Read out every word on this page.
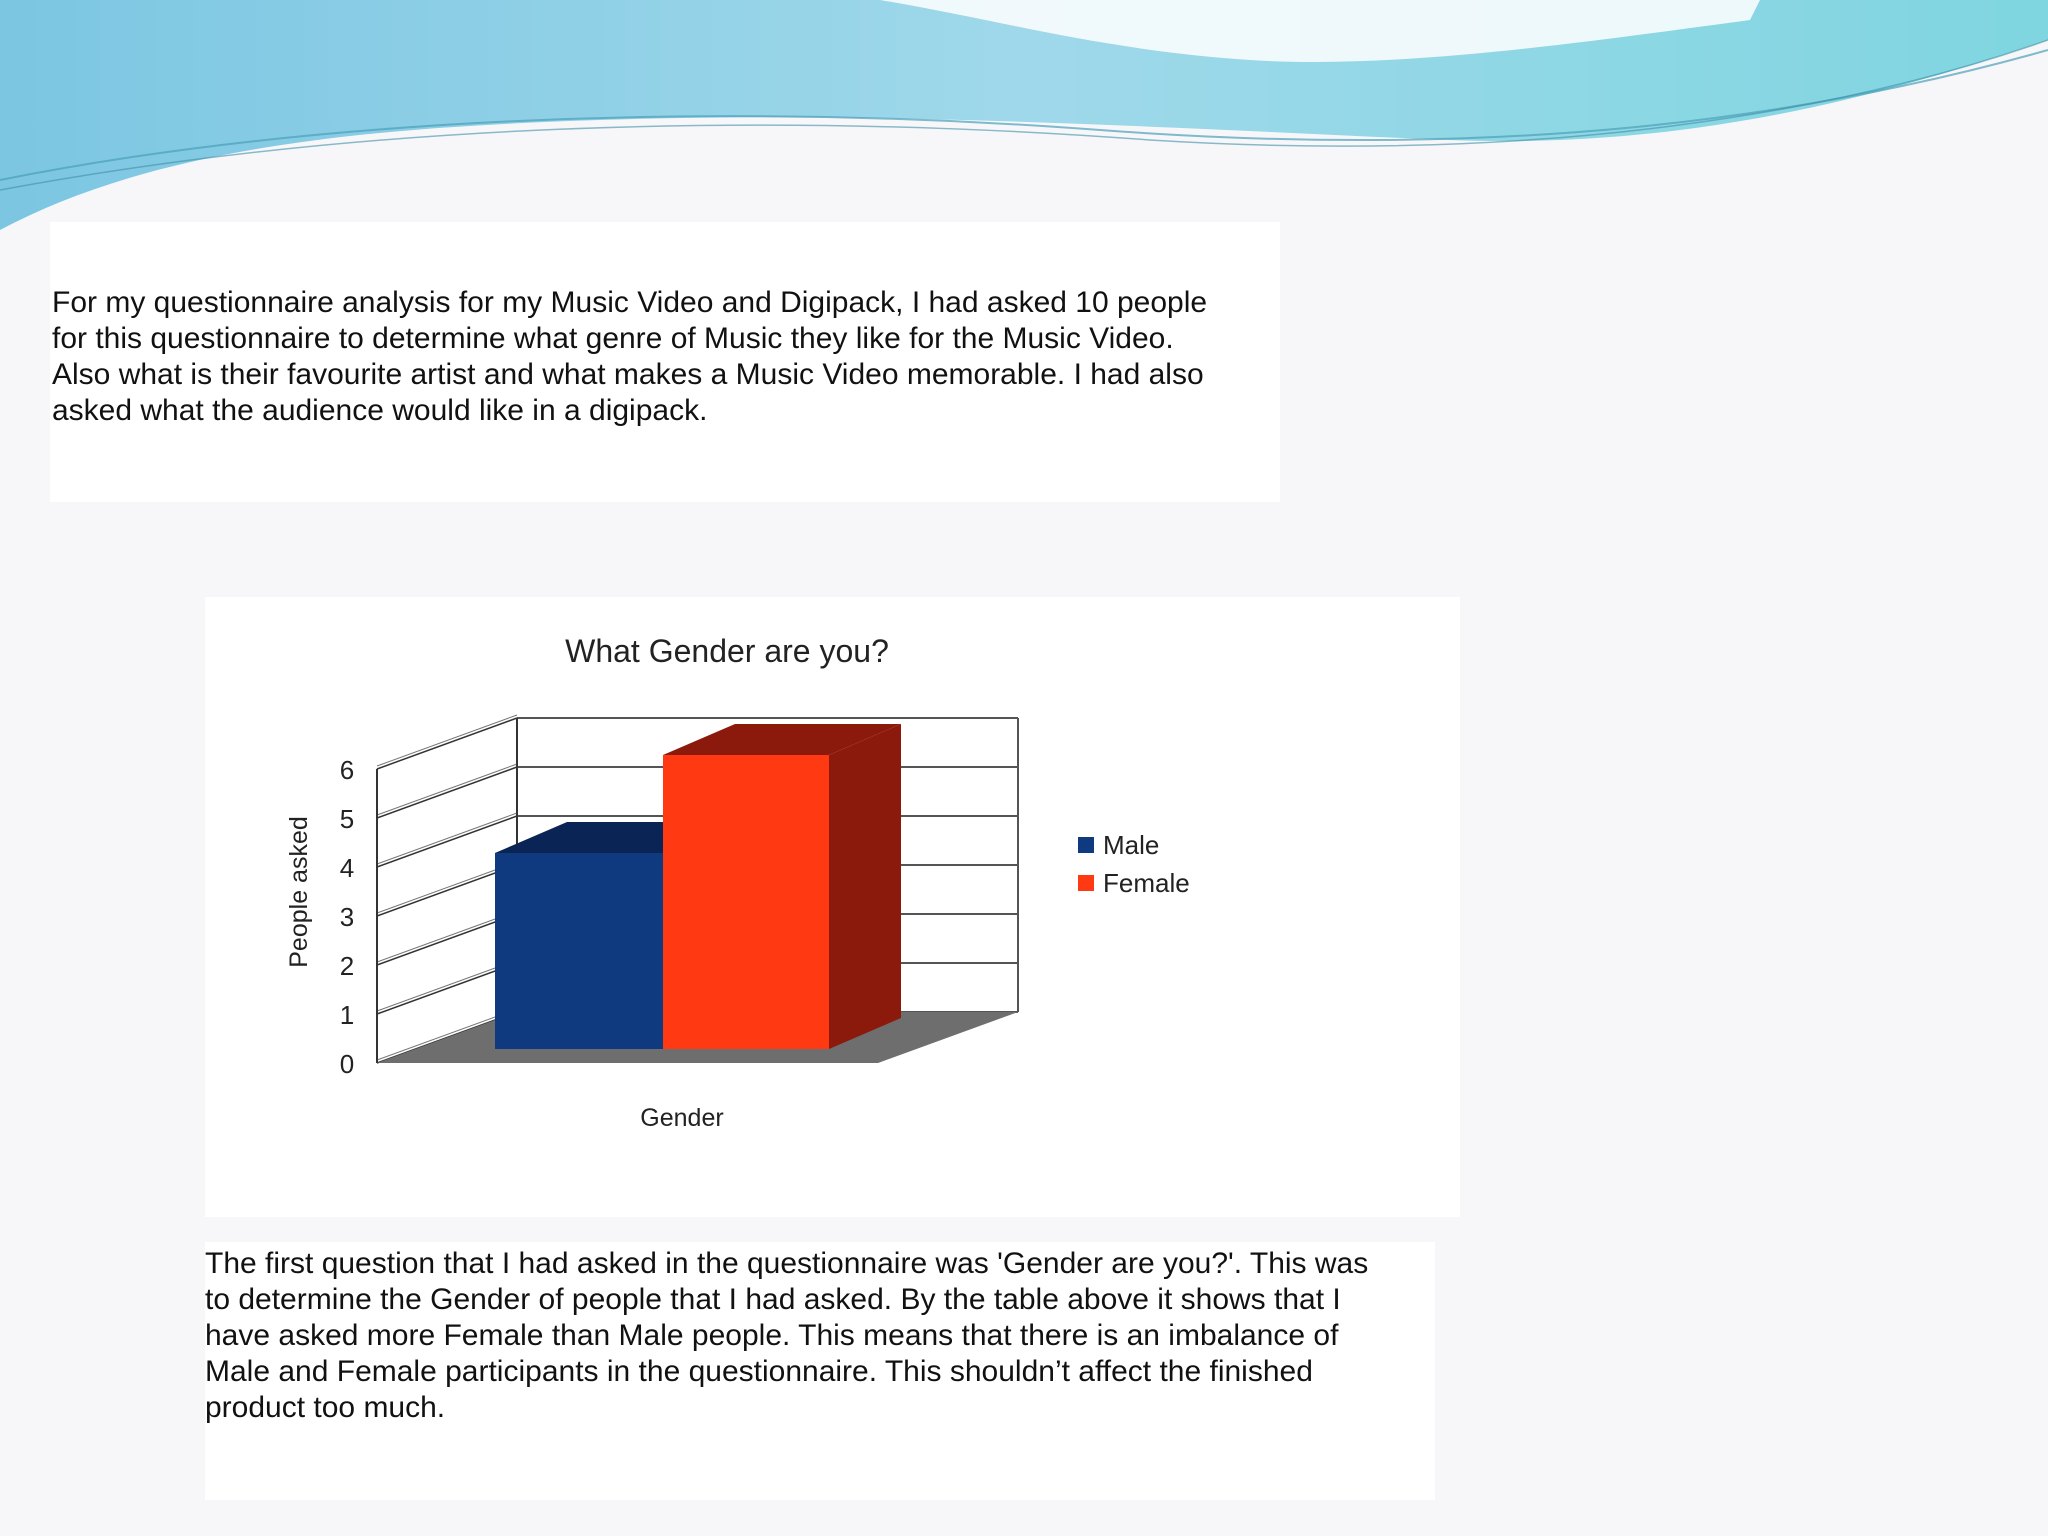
For my questionnaire analysis for my Music Video and Digipack, I had asked 10 people
for this questionnaire to determine what genre of Music they like for the Music Video.
Also what is their favourite artist and what makes a Music Video memorable. I had also
asked what the audience would like in a digipack.

0
1
2
3
4
5
6
What Gender are you?
People asked
Gender
Male
Female

The first question that I had asked in the questionnaire was 'Gender are you?'. This was
to determine the Gender of people that I had asked. By the table above it shows that I
have asked more Female than Male people. This means that there is an imbalance of
Male and Female participants in the questionnaire. This shouldn’t affect the finished
product too much.
